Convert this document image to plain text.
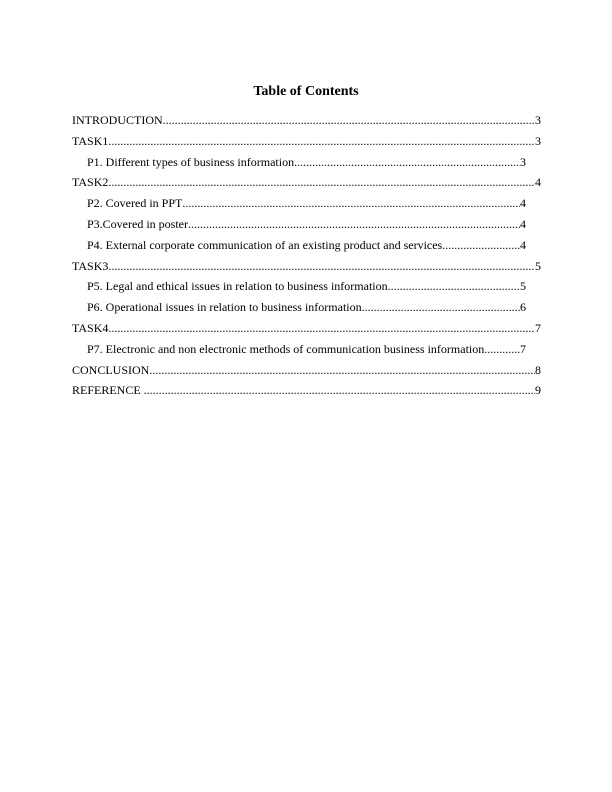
Table of Contents
INTRODUCTION .....	3
TASK1 .....	3
P1. Different types of business information .....	3
TASK2 .....	4
P2. Covered in PPT .....	4
P3.Covered in poster .....	4
P4. External corporate communication of an existing product and services .....	4
TASK3 .....	5
P5. Legal and ethical issues in relation to business information .....	5
P6. Operational issues in relation to business information .....	6
TASK4 .....	7
P7. Electronic and non electronic methods of communication business information .....	7
CONCLUSION .....	8
REFERENCE .....	9
